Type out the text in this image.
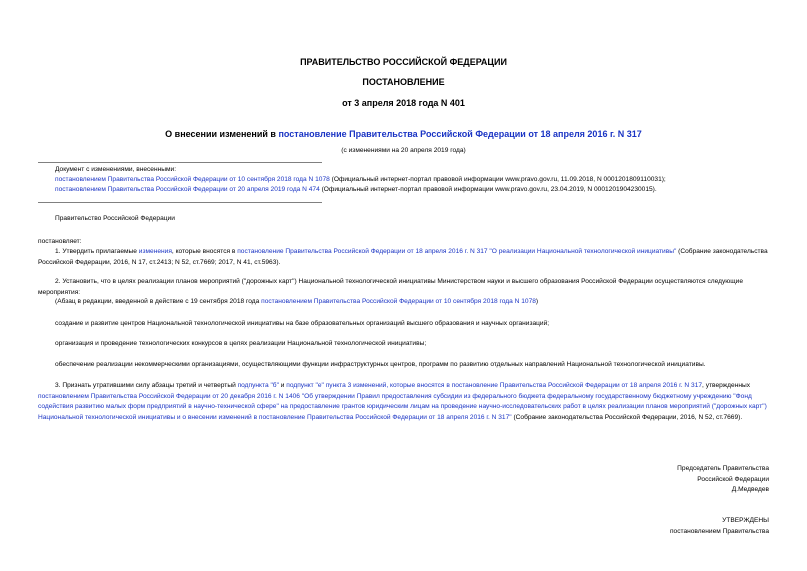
ПРАВИТЕЛЬСТВО РОССИЙСКОЙ ФЕДЕРАЦИИ
ПОСТАНОВЛЕНИЕ
от 3 апреля 2018 года N 401
О внесении изменений в постановление Правительства Российской Федерации от 18 апреля 2016 г. N 317
(с изменениями на 20 апреля 2019 года)
Документ с изменениями, внесенными:
постановлением Правительства Российской Федерации от 10 сентября 2018 года N 1078 (Официальный интернет-портал правовой информации www.pravo.gov.ru, 11.09.2018, N 0001201809110031);
постановлением Правительства Российской Федерации от 20 апреля 2019 года N 474 (Официальный интернет-портал правовой информации www.pravo.gov.ru, 23.04.2019, N 0001201904230015).
Правительство Российской Федерации
постановляет:
1. Утвердить прилагаемые изменения, которые вносятся в постановление Правительства Российской Федерации от 18 апреля 2016 г. N 317 "О реализации Национальной технологической инициативы" (Собрание законодательства Российской Федерации, 2016, N 17, ст.2413; N 52, ст.7669; 2017, N 41, ст.5963).
2. Установить, что в целях реализации планов мероприятий ("дорожных карт") Национальной технологической инициативы Министерством науки и высшего образования Российской Федерации осуществляются следующие мероприятия:
(Абзац в редакции, введенной в действие с 19 сентября 2018 года постановлением Правительства Российской Федерации от 10 сентября 2018 года N 1078)
создание и развитие центров Национальной технологической инициативы на базе образовательных организаций высшего образования и научных организаций;
организация и проведение технологических конкурсов в целях реализации Национальной технологической инициативы;
обеспечение реализации некоммерческими организациями, осуществляющими функции инфраструктурных центров, программ по развитию отдельных направлений Национальной технологической инициативы.
3. Признать утратившими силу абзацы третий и четвертый подпункта "б" и подпункт "е" пункта 3 изменений, которые вносятся в постановление Правительства Российской Федерации от 18 апреля 2016 г. N 317, утвержденных постановлением Правительства Российской Федерации от 20 декабря 2016 г. N 1406 "Об утверждении Правил предоставления субсидии из федерального бюджета федеральному государственному бюджетному учреждению "Фонд содействия развитию малых форм предприятий в научно-технической сфере" на предоставление грантов юридическим лицам на проведение научно-исследовательских работ в целях реализации планов мероприятий ("дорожных карт") Национальной технологической инициативы и о внесении изменений в постановление Правительства Российской Федерации от 18 апреля 2016 г. N 317" (Собрание законодательства Российской Федерации, 2016, N 52, ст.7669).
Председатель Правительства
Российской Федерации
Д.Медведев
УТВЕРЖДЕНЫ
постановлением Правительства
